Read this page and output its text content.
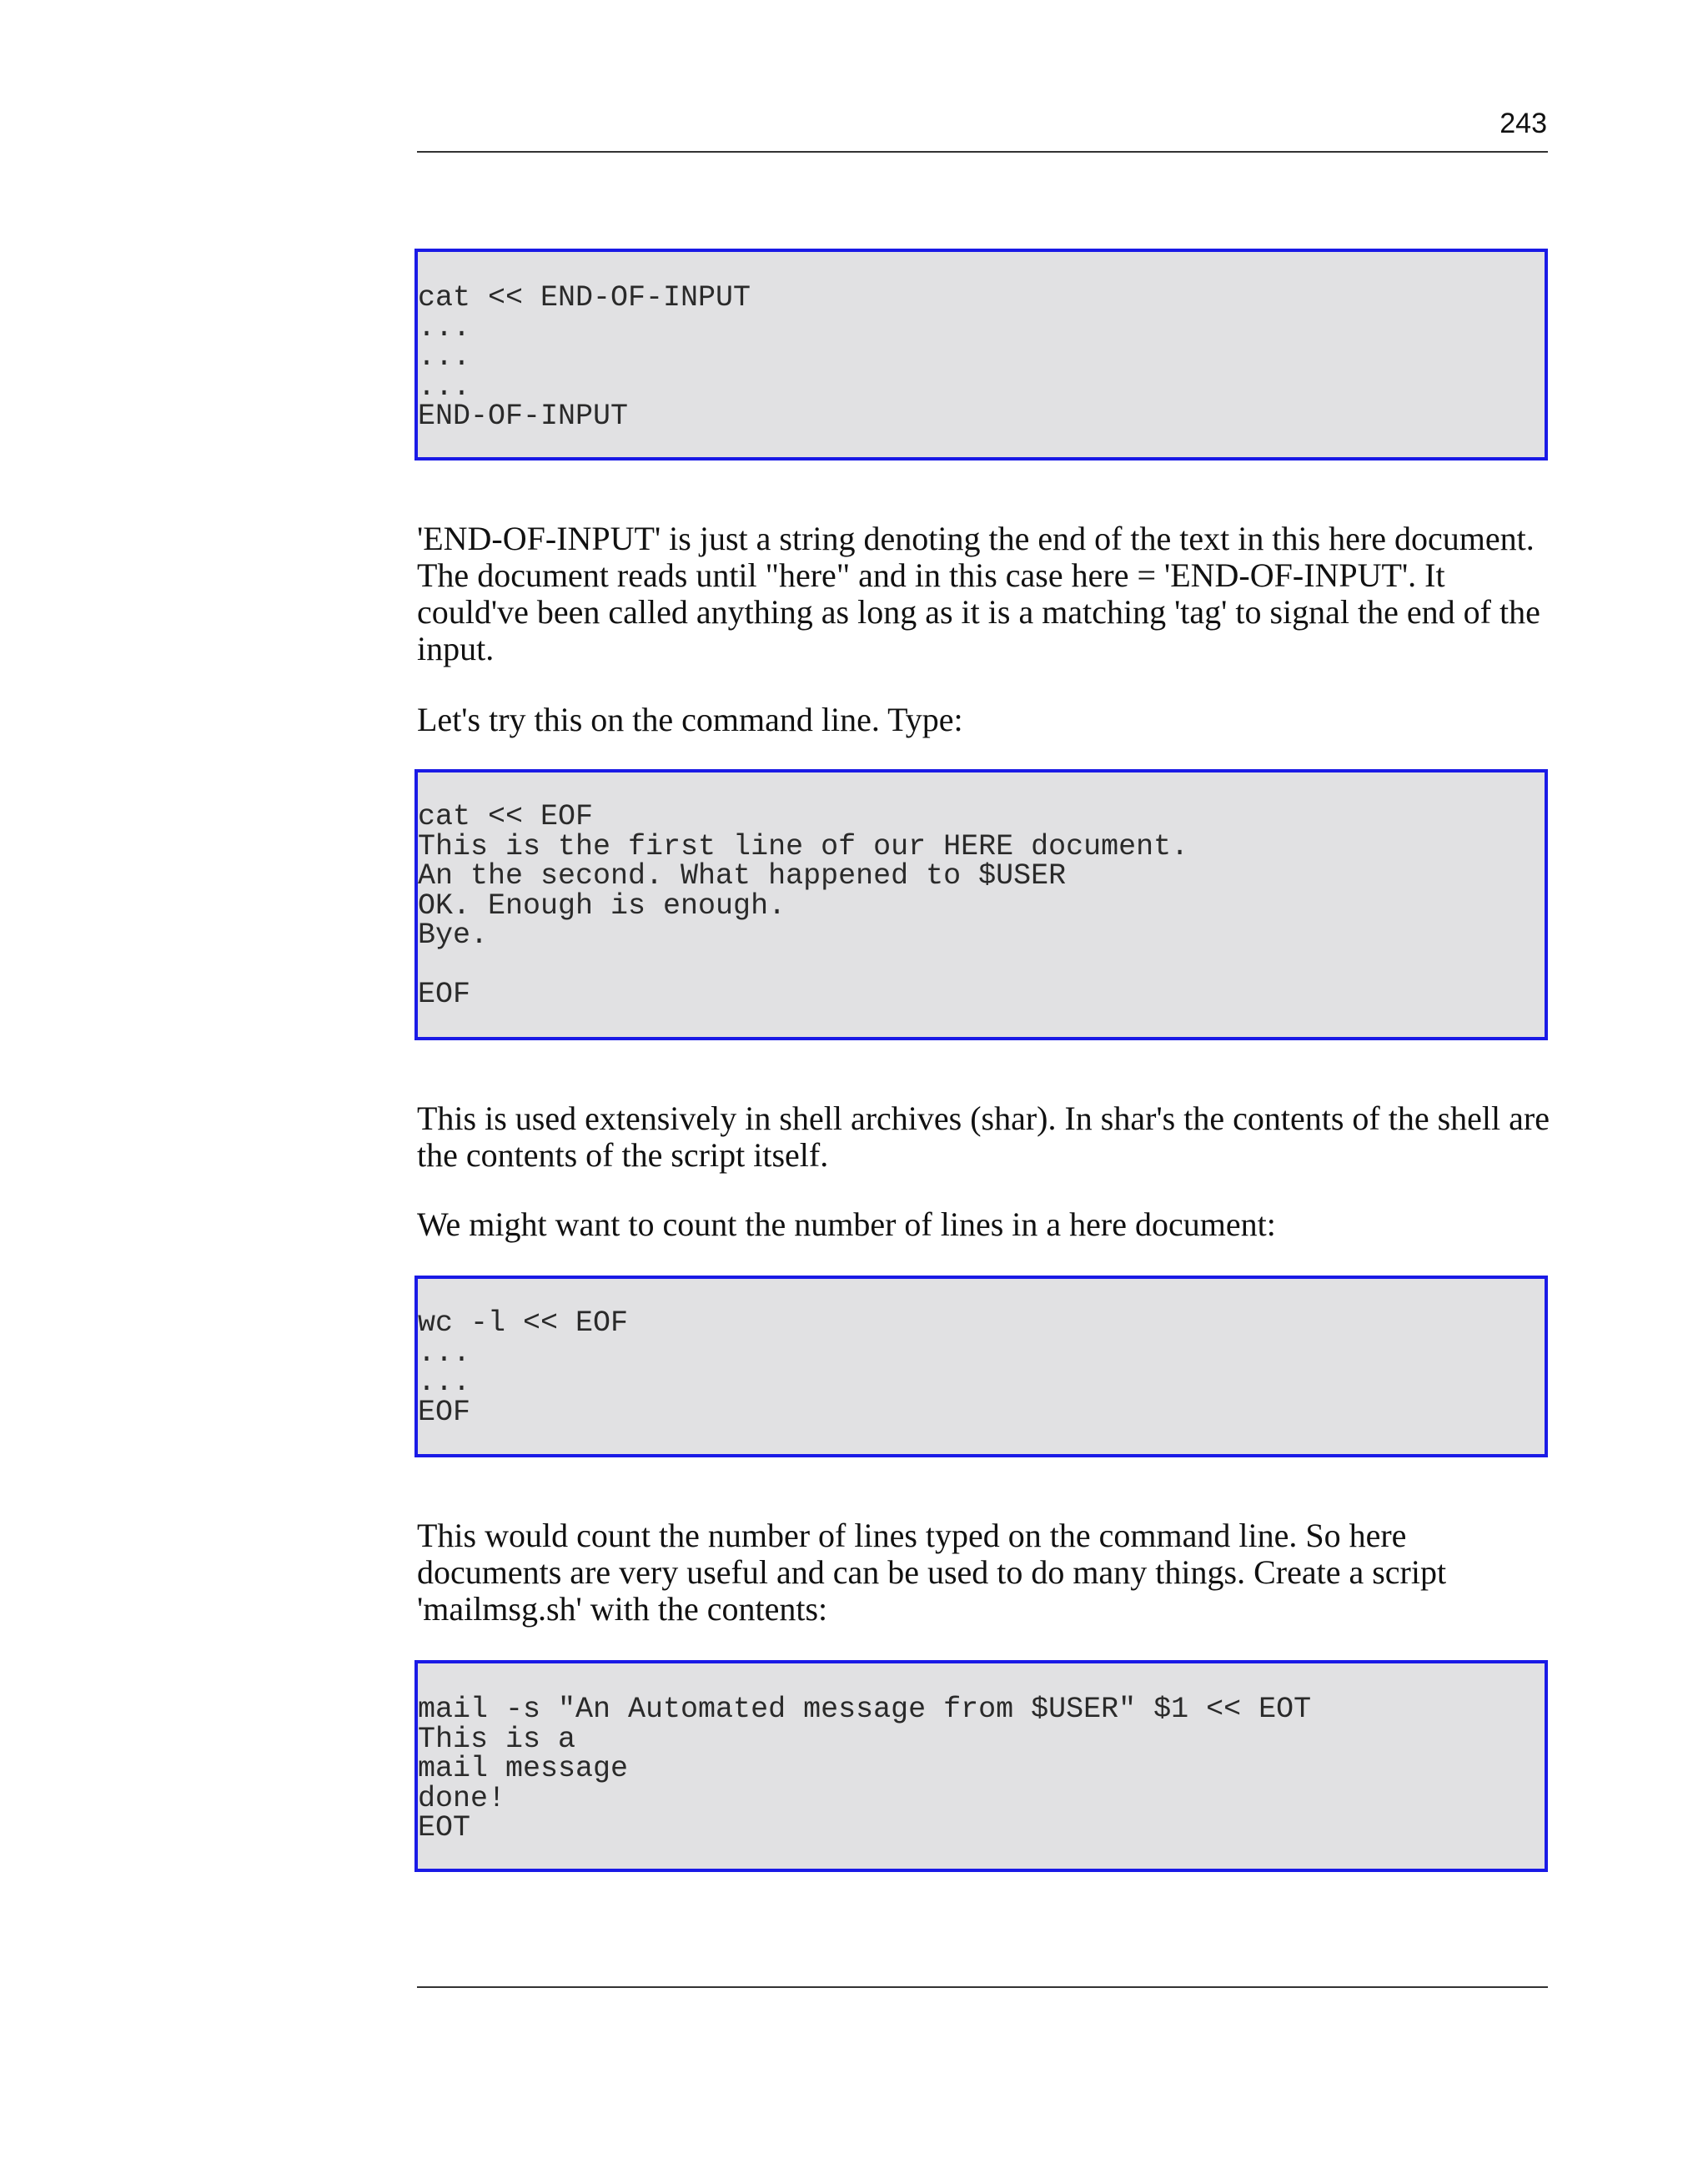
243
cat << END-OF-INPUT
...
...
...
END-OF-INPUT

'END-OF-INPUT' is just a string denoting the end of the text in this here document. The document reads until "here" and in this case here = 'END-OF-INPUT'. It could've been called anything as long as it is a matching 'tag' to signal the end of the input.

Let's try this on the command line. Type:

cat << EOF
This is the first line of our HERE document.
An the second. What happened to $USER
OK. Enough is enough.
Bye.

EOF

This is used extensively in shell archives (shar). In shar's the contents of the shell are the contents of the script itself.

We might want to count the number of lines in a here document:

wc -l << EOF
...
...
EOF

This would count the number of lines typed on the command line. So here documents are very useful and can be used to do many things. Create a script 'mailmsg.sh' with the contents:

mail -s "An Automated message from $USER" $1 << EOT
This is a
mail message
done!
EOT
